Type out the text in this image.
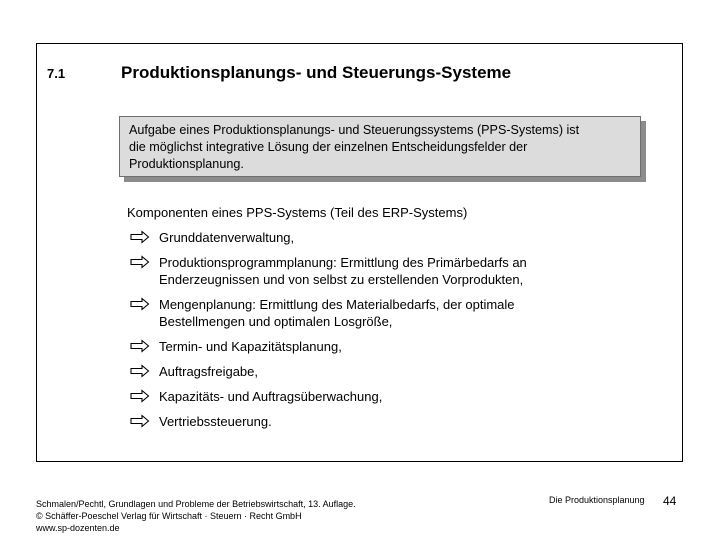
7.1	Produktionsplanungs- und Steuerungs-Systeme
Aufgabe eines Produktionsplanungs- und Steuerungssystems (PPS-Systems) ist
die möglichst integrative Lösung der einzelnen Entscheidungsfelder der
Produktionsplanung.
Komponenten eines PPS-Systems (Teil des ERP-Systems)
Grunddatenverwaltung,
Produktionsprogrammplanung: Ermittlung des Primärbedarfs an
Enderzeugnissen und von selbst zu erstellenden Vorprodukten,
Mengenplanung: Ermittlung des Materialbedarfs, der optimale
Bestellmengen und optimalen Losgröße,
Termin- und Kapazitätsplanung,
Auftragsfreigabe,
Kapazitäts- und Auftragsüberwachung,
Vertriebssteuerung.
Schmalen/Pechtl, Grundlagen und Probleme der Betriebswirtschaft, 13. Auflage.
© Schäffer-Poeschel Verlag für Wirtschaft · Steuern · Recht GmbH
www.sp-dozenten.de
Die Produktionsplanung 44
